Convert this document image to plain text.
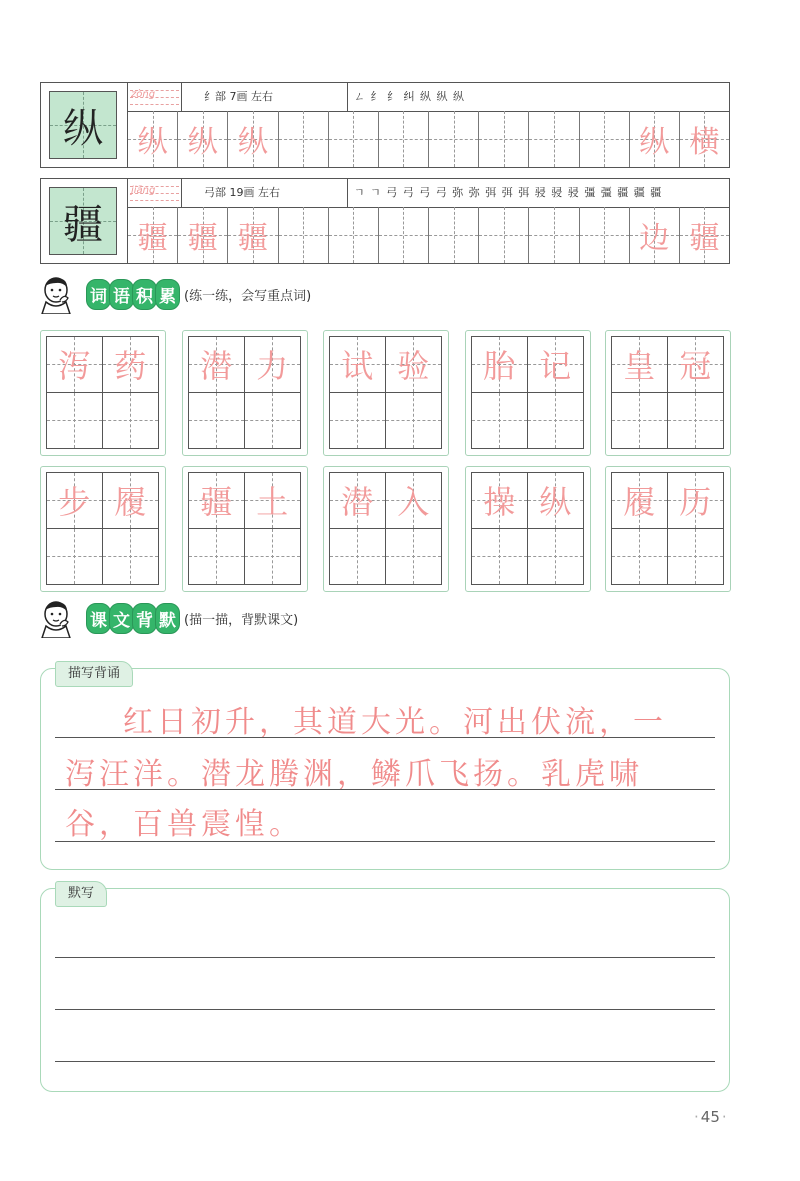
纵
zòng	纟部 7画 左右	ㄥ 纟 纟 纠 纵 纵 纵
纵 纵 纵	纵 横
疆
jiāng	弓部 19画 左右	ㄱ ㄱ 弓 弓 弓 弓 弥 弥 弭 弭 弭 骎 骎 骎 彊 彊 疆 疆 疆
疆 疆 疆	边 疆
词 语 积 累 (练一练，会写重点词)
泻 药 潜 力 试 验 胎 记 皇 冠
步 履 疆 土 潜 入 操 纵 履 历
课 文 背 默 (描一描，背默课文)
描写背诵
红日初升，其道大光。河出伏流，一
泻汪洋。潜龙腾渊，鳞爪飞扬。乳虎啸
谷，百兽震惶。
默写
· 45 ·
